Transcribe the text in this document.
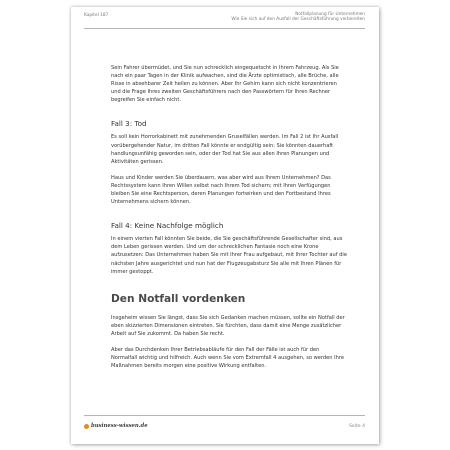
Kapitel 187	Notfallplanung für Unternehmen
Wie Sie sich auf den Ausfall der Geschäftsführung vorbereiten

Sein Fahrer übermüdet, und Sie nun schrecklich eingequetscht in Ihrem Fahrzeug. Als Sie nach ein paar Tagen in der Klinik aufwachen, sind die Ärzte optimistisch, alle Brüche, alle Risse in absehbarer Zeit heilen zu können. Aber Ihr Gehirn kann sich nicht konzentrieren und die Frage Ihres zweiten Geschäftsführers nach den Passwörtern für Ihren Rechner begreifen Sie einfach nicht.

Fall 3: Tod

Es soll kein Horrorkabinett mit zunehmenden Gruselfällen werden. Im Fall 2 ist Ihr Ausfall vorübergehender Natur, im dritten Fall könnte er endgültig sein: Sie könnten dauerhaft handlungsunfähig geworden sein, oder der Tod hat Sie aus allen Ihren Planungen und Aktivitäten gerissen.

Haus und Kinder werden Sie überdauern, was aber wird aus Ihrem Unternehmen? Das Rechtssystem kann Ihren Willen selbst nach Ihrem Tod sichern; mit Ihren Verfügungen bleiben Sie eine Rechtsperson, deren Planungen fortwirken und den Fortbestand Ihres Unternehmens sichern können.

Fall 4: Keine Nachfolge möglich

In einem vierten Fall könnten Sie beide, die Sie geschäftsführende Gesellschafter sind, aus dem Leben gerissen werden. Und um der schrecklichen Fantasie noch eine Krone aufzusetzen: Das Unternehmen haben Sie mit Ihrer Frau aufgebaut, mit Ihrer Tochter auf die nächsten Jahre ausgerichtet und nun hat der Flugzeugabsturz Sie alle mit Ihren Plänen für immer gestoppt.

Den Notfall vordenken

Insgeheim wissen Sie längst, dass Sie sich Gedanken machen müssen, sollte ein Notfall der eben skizzierten Dimensionen eintreten. Sie fürchten, dass damit eine Menge zusätzlicher Arbeit auf Sie zukommt. Da haben Sie recht.

Aber das Durchdenken Ihrer Betriebsabläufe für den Fall der Fälle ist auch für den Normalfall wichtig und hilfreich. Auch wenn Sie vom Extremfall 4 ausgehen, so werden Ihre Maßnahmen bereits morgen eine positive Wirkung entfalten.

business-wissen.de	Seite 4
